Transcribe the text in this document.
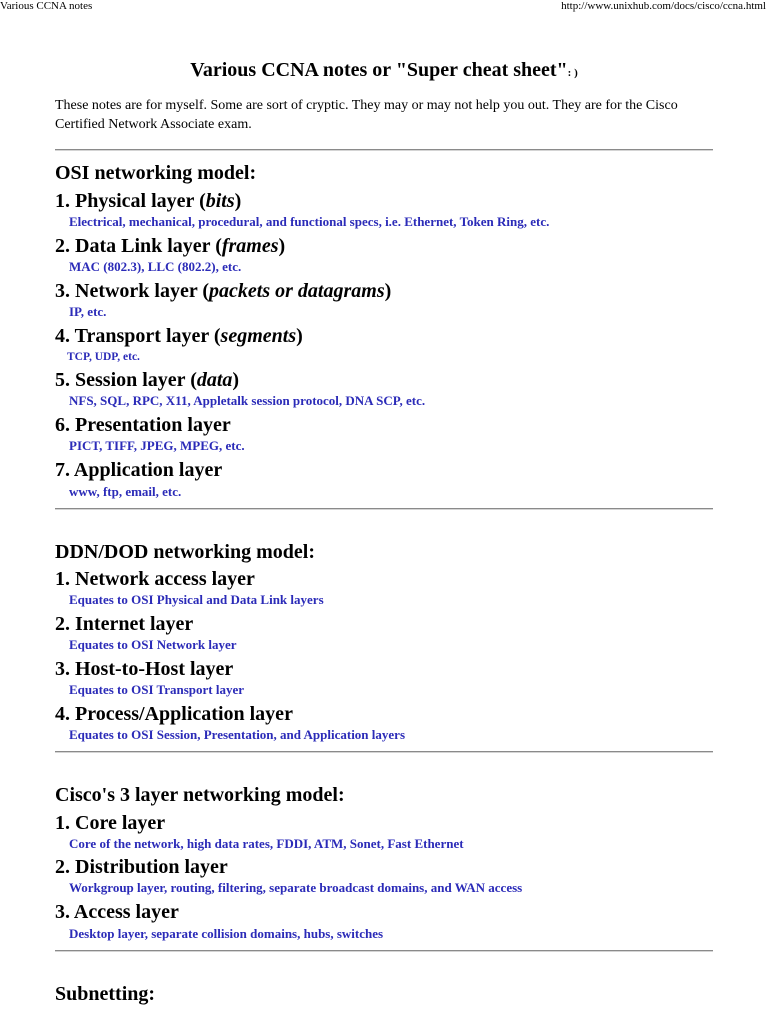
Various CCNA notes	http://www.unixhub.com/docs/cisco/ccna.html
Various CCNA notes or "Super cheat sheet": )
These notes are for myself. Some are sort of cryptic. They may or may not help you out. They are for the Cisco Certified Network Associate exam.
OSI networking model:
1. Physical layer (bits)
Electrical, mechanical, procedural, and functional specs, i.e. Ethernet, Token Ring, etc.
2. Data Link layer (frames)
MAC (802.3), LLC (802.2), etc.
3. Network layer (packets or datagrams)
IP, etc.
4. Transport layer (segments)
TCP, UDP, etc.
5. Session layer (data)
NFS, SQL, RPC, X11, Appletalk session protocol, DNA SCP, etc.
6. Presentation layer
PICT, TIFF, JPEG, MPEG, etc.
7. Application layer
www, ftp, email, etc.
DDN/DOD networking model:
1. Network access layer
Equates to OSI Physical and Data Link layers
2. Internet layer
Equates to OSI Network layer
3. Host-to-Host layer
Equates to OSI Transport layer
4. Process/Application layer
Equates to OSI Session, Presentation, and Application layers
Cisco's 3 layer networking model:
1. Core layer
Core of the network, high data rates, FDDI, ATM, Sonet, Fast Ethernet
2. Distribution layer
Workgroup layer, routing, filtering, separate broadcast domains, and WAN access
3. Access layer
Desktop layer, separate collision domains, hubs, switches
Subnetting:
